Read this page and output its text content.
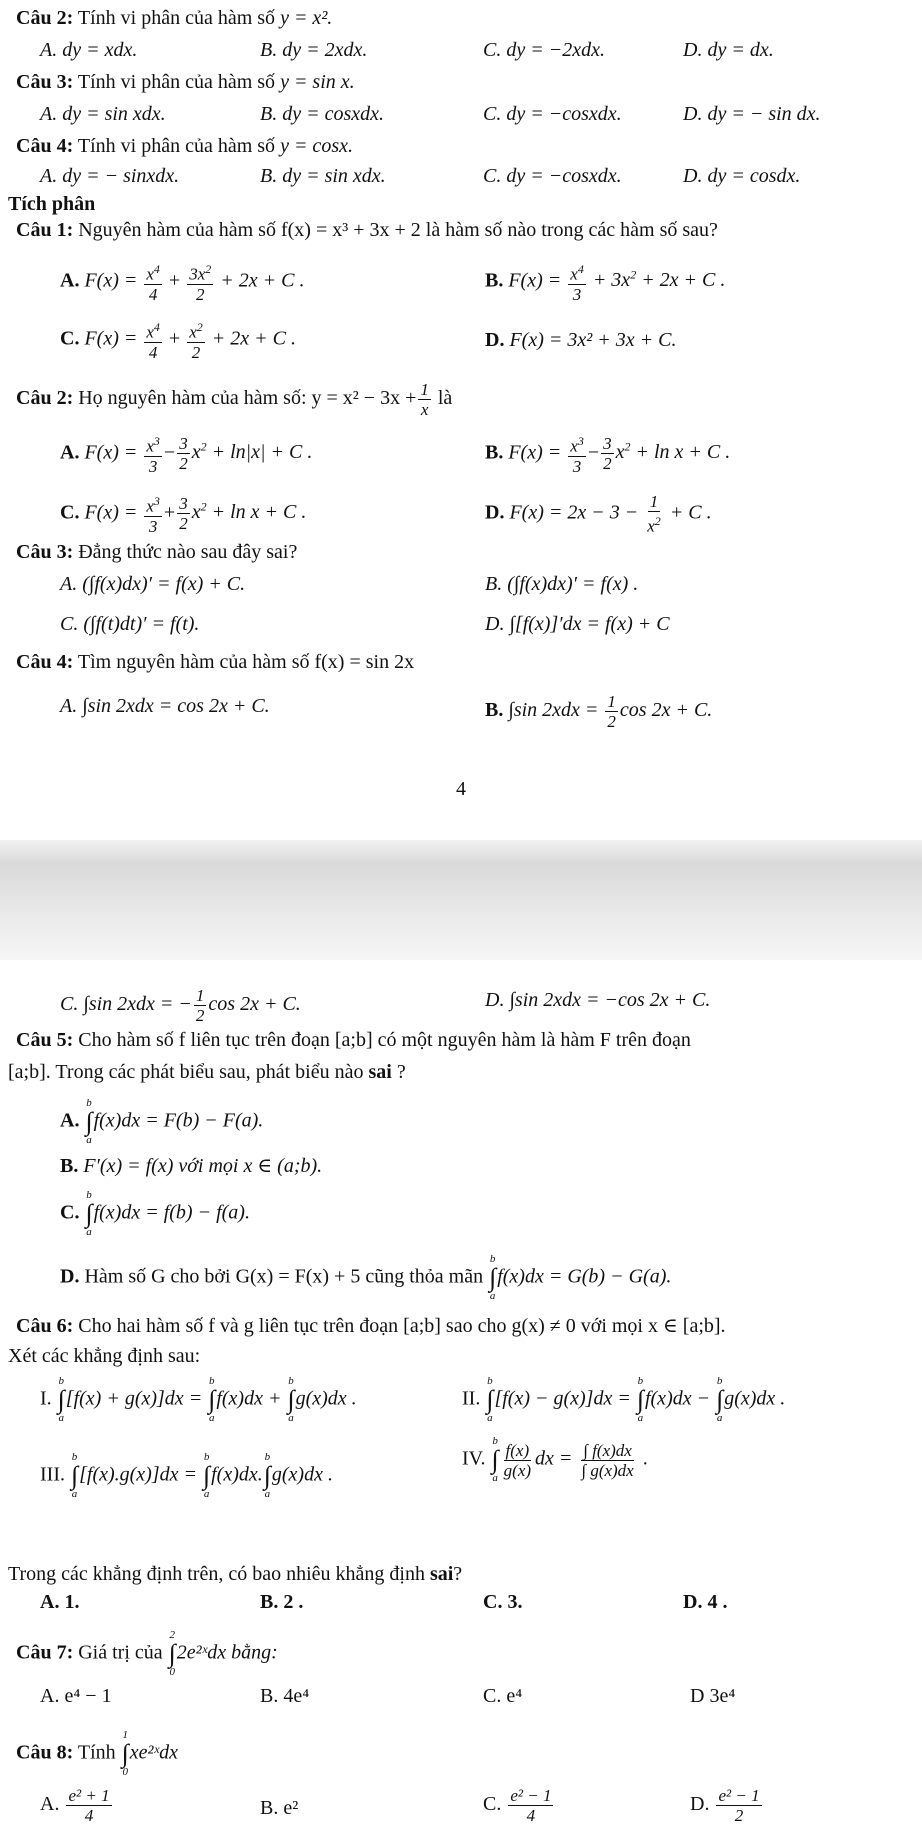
Câu 2: Tính vi phân của hàm số y = x².
A. dy = xdx.	B. dy = 2xdx.	C. dy = −2xdx.	D. dy = dx.
Câu 3: Tính vi phân của hàm số y = sin x.
A. dy = sin xdx.	B. dy = cosxdx.	C. dy = −cosxdx.	D. dy = − sin dx.
Câu 4: Tính vi phân của hàm số y = cosx.
A. dy = − sinxdx.	B. dy = sin xdx.	C. dy = −cosxdx.	D. dy = cosdx.
Tích phân
Câu 1: Nguyên hàm của hàm số f(x) = x³ + 3x + 2 là hàm số nào trong các hàm số sau?
A. $F(x) = \frac{x^4}{4} + \frac{3x^2}{2} + 2x + C$ .	B. $F(x) = \frac{x^4}{3} + 3x^2 + 2x + C$ .
C. $F(x) = \frac{x^4}{4} + \frac{x^2}{2} + 2x + C$ .	D. F(x) = 3x² + 3x + C.
Câu 2: Họ nguyên hàm của hàm số: $y = x^2 - 3x + \frac{1}{x}$ là
A. $F(x) = \frac{x^3}{3} - \frac{3}{2} x^2 + \ln|x| + C$ .	B. $F(x) = \frac{x^3}{3} - \frac{3}{2} x^2 + \ln x + C$ .
C. $F(x) = \frac{x^3}{3} + \frac{3}{2} x^2 + \ln x + C$ .	D. $F(x) = 2x - 3 - \frac{1}{x^2} + C$ .
Câu 3: Đẳng thức nào sau đây sai?
A. (∫f(x)dx)′ = f(x) + C.	B. (∫f(x)dx)′ = f(x) .
C. (∫f(t)dt)′ = f(t).	D. ∫[f(x)]′dx = f(x) + C
Câu 4: Tìm nguyên hàm của hàm số f(x) = sin 2x
A. ∫sin 2xdx = cos 2x + C.	B. ∫sin $2xdx = \frac{1}{2}$ cos 2x + C.
4
C. ∫sin 2xdx = − $\frac{1}{2}$ cos 2x + C.	D. ∫sin 2xdx = −cos 2x + C.
Câu 5: Cho hàm số f liên tục trên đoạn [a;b] có một nguyên hàm là hàm F trên đoạn
[a;b]. Trong các phát biểu sau, phát biểu nào sai ?
A.
b
∫
a
f(x)dx = F(b) − F(a).
B. F′(x) = f(x) với mọi x ∈ (a;b).
C.
b
∫
a
f(x)dx = f(b) − f(a).
D. Hàm số G cho bởi G(x) = F(x) + 5 cũng thỏa mãn
b
∫
a
f(x)dx = G(b) − G(a).
Câu 6: Cho hai hàm số f và g liên tục trên đoạn [a;b] sao cho g(x) ≠ 0 với mọi x ∈ [a;b].
Xét các khẳng định sau:
I.
b
∫
a
[f(x) + g(x)]dx =
b
∫
a
f(x)dx +
b
∫
a
g(x)dx .	II.
b
∫
a
[f(x) − g(x)]dx =
b
∫
a
f(x)dx −
b
∫
a
g(x)dx .
III.
b
∫
a
[f(x).g(x)]dx =
b
∫
a
f(x)dx.
b
∫
a
g(x)dx .
IV.
b
∫
a $\frac{f(x)}{g(x)}$ dx = $\frac{\int f(x)dx}{\int g(x)dx}$ .
Trong các khẳng định trên, có bao nhiêu khẳng định sai?
A. 1.	B. 2 .	C. 3.	D. 4 .
Câu 7: Giá trị của
2
∫
0
2e²ˣdx bằng:
A. e⁴ − 1	B. 4e⁴	C. e⁴	D 3e⁴
Câu 8: Tính
1
∫
0
xe²ˣdx
A. $\frac{\text{e² + 1}}{4}$	B. e²	C. $\frac{\text{e² − 1}}{4}$	D. $\frac{\text{e² − 1}}{2}$
